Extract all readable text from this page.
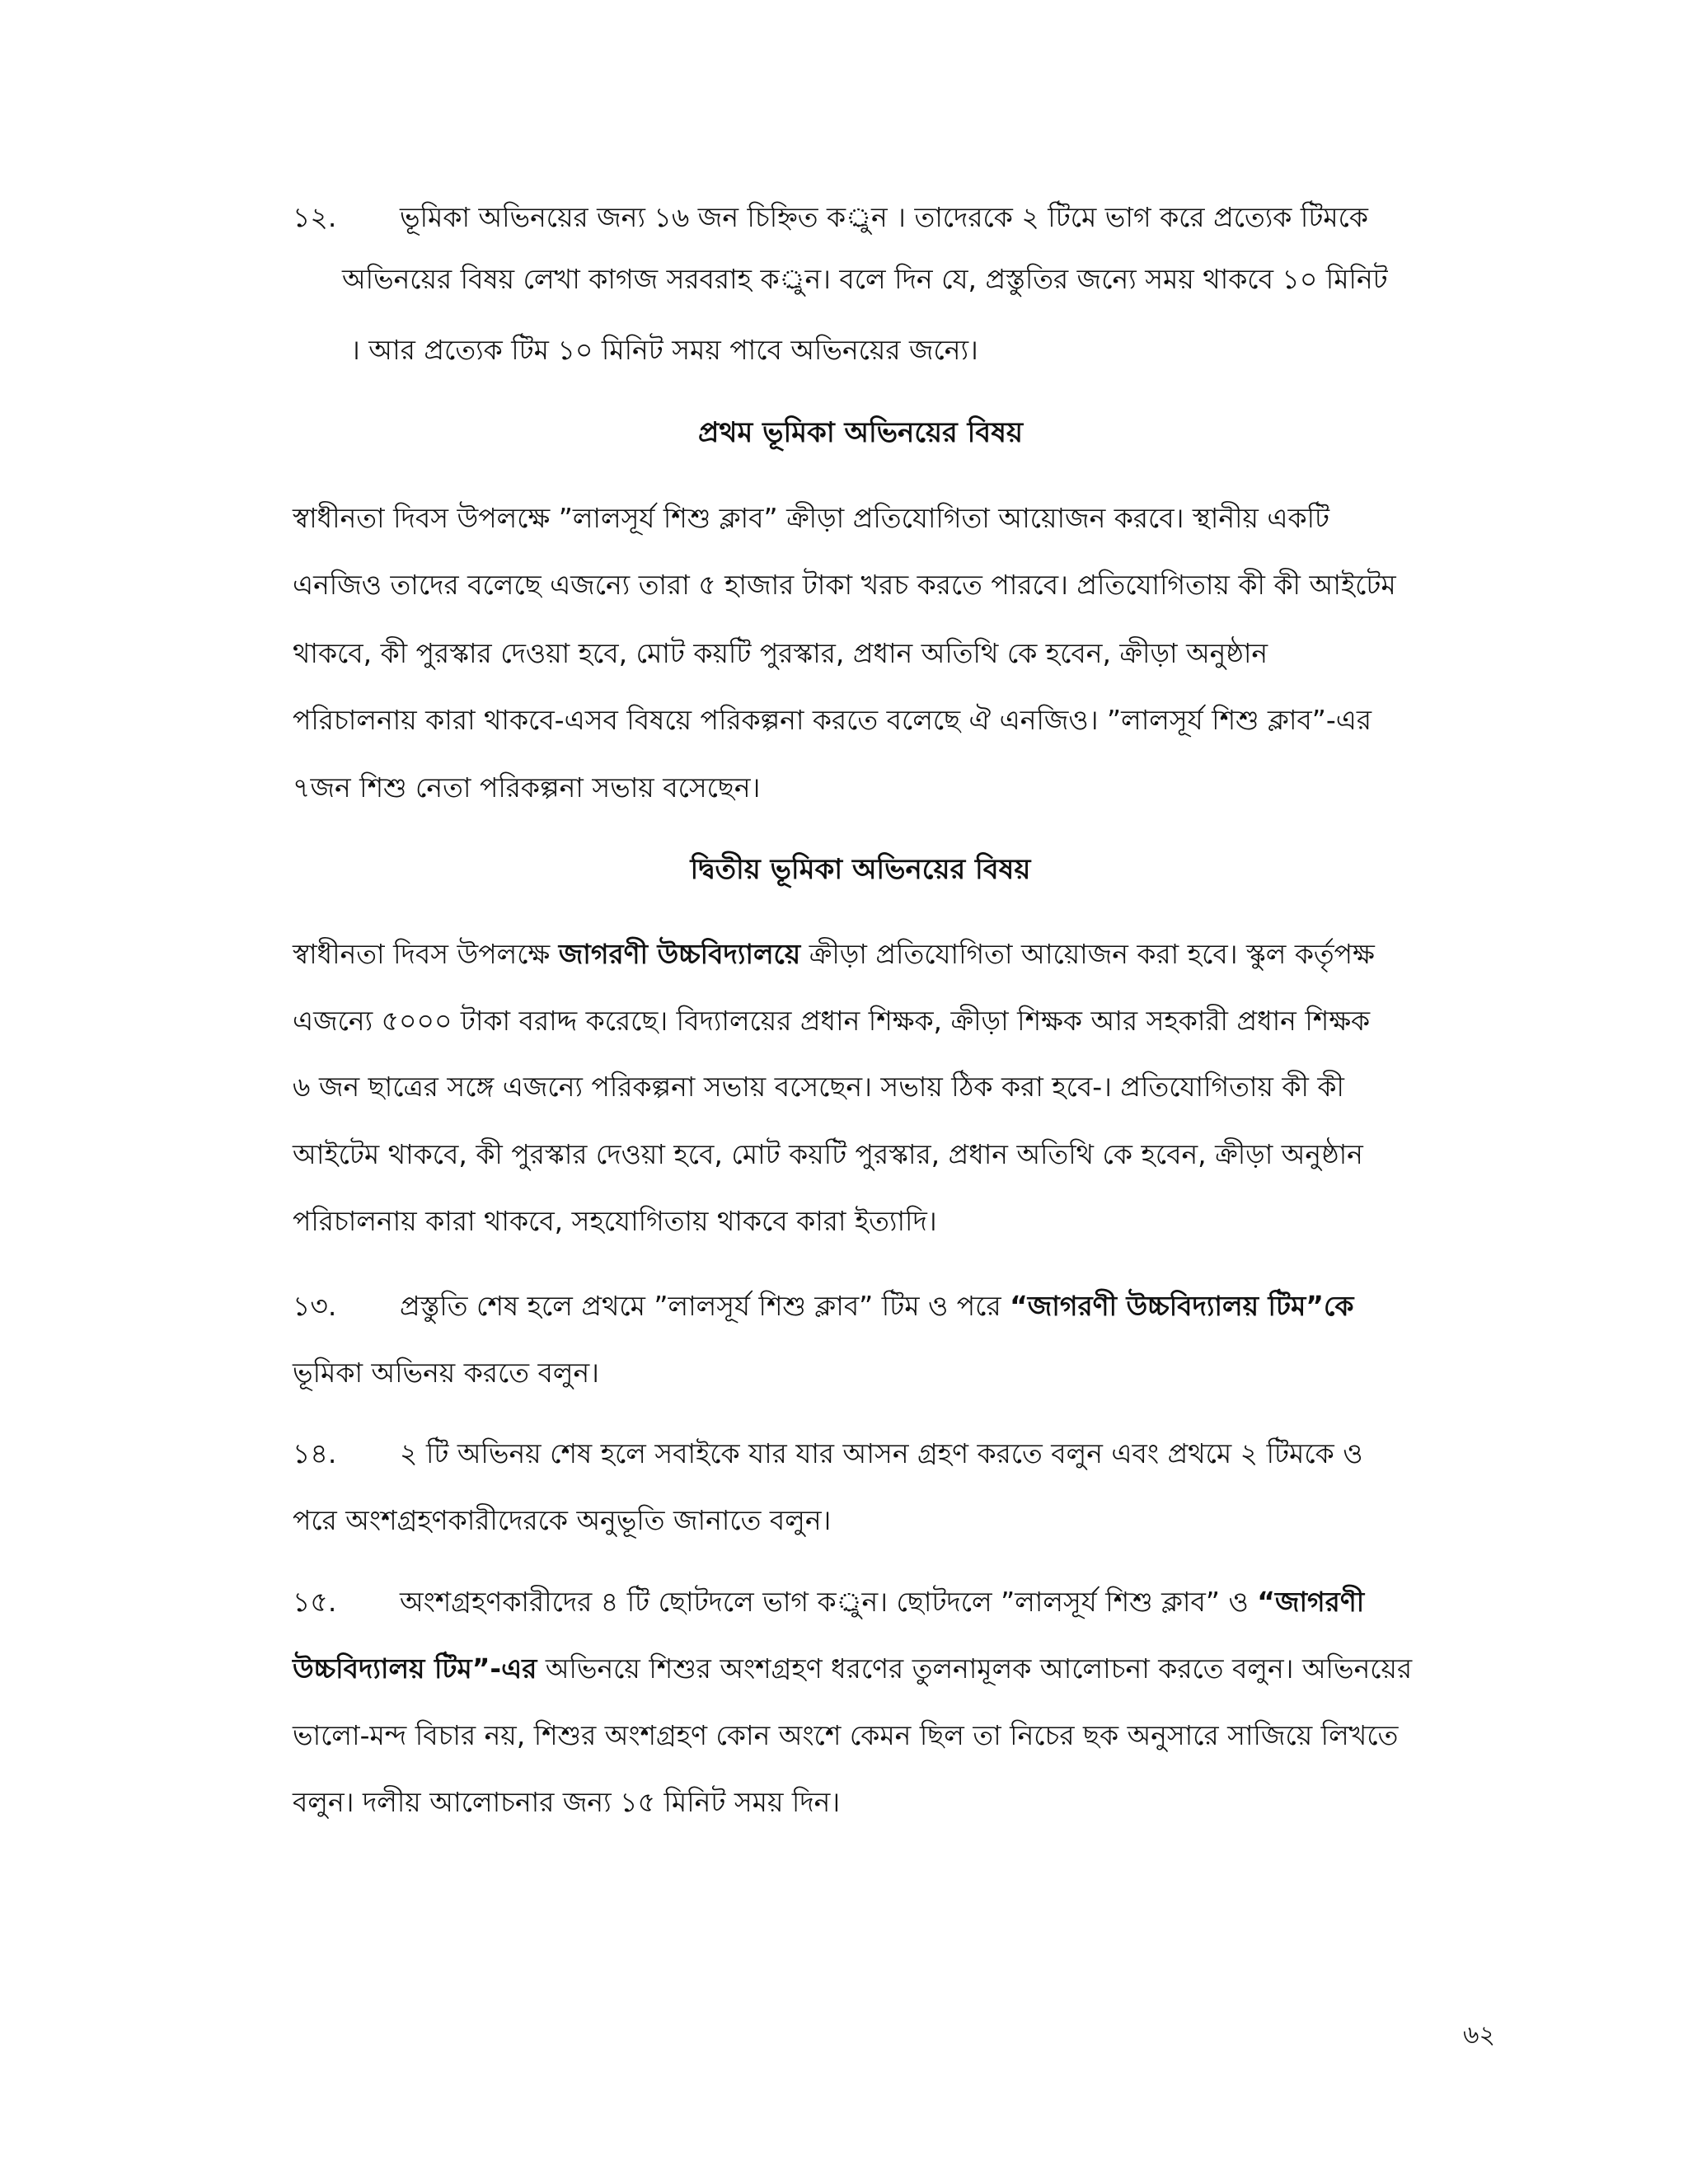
১২. ভূমিকা অভিনয়ের জন্য ১৬ জন চিহ্নিত কর্ুন । তাদেরকে ২ টিমে ভাগ করে প্রত্যেক টিমকে
অভিনয়ের বিষয় লেখা কাগজ সরবরাহ কর্ুন। বলে দিন যে, প্রস্তুতির জন্যে সময় থাকবে ১০ মিনিট
। আর প্রত্যেক টিম ১০ মিনিট সময় পাবে অভিনয়ের জন্যে।
প্রথম ভূমিকা অভিনয়ের বিষয়
স্বাধীনতা দিবস উপলক্ষে ”লালসূর্য শিশু ক্লাব” ক্রীড়া প্রতিযোগিতা আয়োজন করবে। স্থানীয় একটি
এনজিও তাদের বলেছে এজন্যে তারা ৫ হাজার টাকা খরচ করতে পারবে। প্রতিযোগিতায় কী কী আইটেম
থাকবে, কী পুরস্কার দেওয়া হবে, মোট কয়টি পুরস্কার, প্রধান অতিথি কে হবেন, ক্রীড়া অনুষ্ঠান
পরিচালনায় কারা থাকবে-এসব বিষয়ে পরিকল্পনা করতে বলেছে ঐ এনজিও। ”লালসূর্য শিশু ক্লাব”-এর
৭জন শিশু নেতা পরিকল্পনা সভায় বসেছেন।
দ্বিতীয় ভূমিকা অভিনয়ের বিষয়
স্বাধীনতা দিবস উপলক্ষে জাগরণী উচ্চবিদ্যালয়ে ক্রীড়া প্রতিযোগিতা আয়োজন করা হবে। স্কুল কর্তৃপক্ষ
এজন্যে ৫০০০ টাকা বরাদ্দ করেছে। বিদ্যালয়ের প্রধান শিক্ষক, ক্রীড়া শিক্ষক আর সহকারী প্রধান শিক্ষক
৬ জন ছাত্রের সঙ্গে এজন্যে পরিকল্পনা সভায় বসেছেন। সভায় ঠিক করা হবে-। প্রতিযোগিতায় কী কী
আইটেম থাকবে, কী পুরস্কার দেওয়া হবে, মোট কয়টি পুরস্কার, প্রধান অতিথি কে হবেন, ক্রীড়া অনুষ্ঠান
পরিচালনায় কারা থাকবে, সহযোগিতায় থাকবে কারা ইত্যাদি।
১৩. প্রস্তুতি শেষ হলে প্রথমে ”লালসূর্য শিশু ক্লাব” টিম ও পরে “জাগরণী উচ্চবিদ্যালয় টিম”কে
ভূমিকা অভিনয় করতে বলুন।
১৪. ২ টি অভিনয় শেষ হলে সবাইকে যার যার আসন গ্রহণ করতে বলুন এবং প্রথমে ২ টিমকে ও
পরে অংশগ্রহণকারীদেরকে অনুভূতি জানাতে বলুন।
১৫. অংশগ্রহণকারীদের ৪ টি ছোটদলে ভাগ কর্ুন। ছোটদলে ”লালসূর্য শিশু ক্লাব” ও “জাগরণী
উচ্চবিদ্যালয় টিম”-এর অভিনয়ে শিশুর অংশগ্রহণ ধরণের তুলনামূলক আলোচনা করতে বলুন। অভিনয়ের
ভালো-মন্দ বিচার নয়, শিশুর অংশগ্রহণ কোন অংশে কেমন ছিল তা নিচের ছক অনুসারে সাজিয়ে লিখতে
বলুন। দলীয় আলোচনার জন্য ১৫ মিনিট সময় দিন।
৬২
